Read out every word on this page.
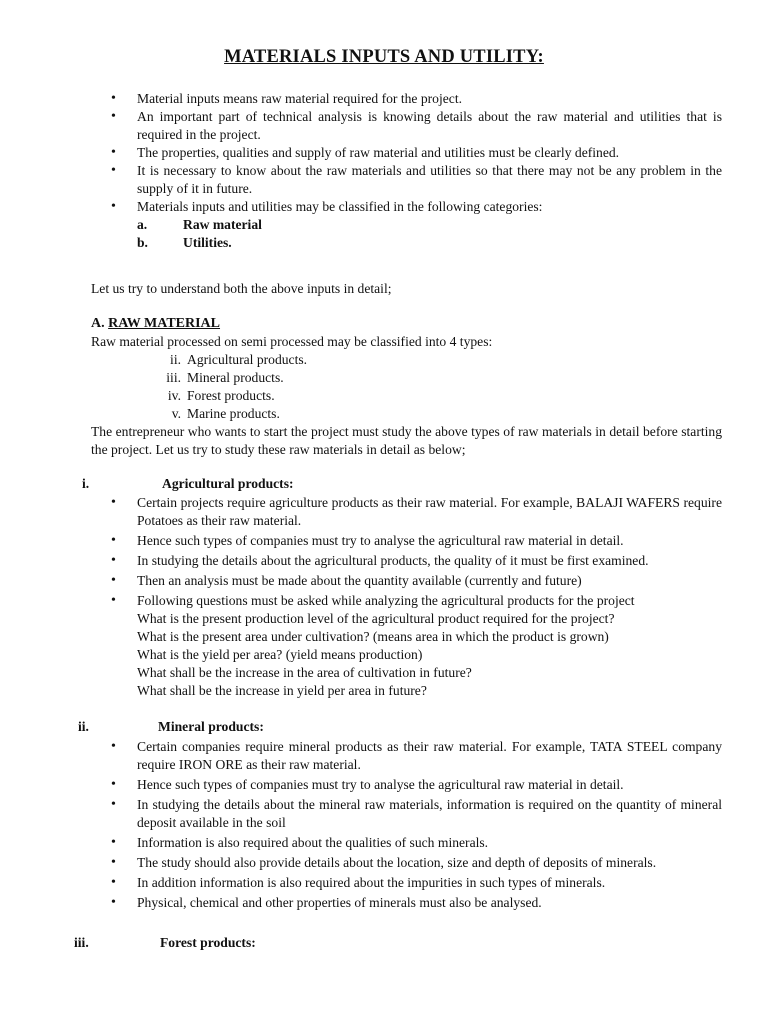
MATERIALS INPUTS AND UTILITY:
• Material inputs means raw material required for the project.
• An important part of technical analysis is knowing details about the raw material and utilities that is required in the project.
• The properties, qualities and supply of raw material and utilities must be clearly defined.
• It is necessary to know about the raw materials and utilities so that there may not be any problem in the supply of it in future.
• Materials inputs and utilities may be classified in the following categories:
a.	Raw material
b.	Utilities.
Let us try to understand both the above inputs in detail;
A. RAW MATERIAL
Raw material processed on semi processed may be classified into 4 types:
ii. Agricultural products.
iii. Mineral products.
iv. Forest products.
v. Marine products.
The entrepreneur who wants to start the project must study the above types of raw materials in detail before starting the project. Let us try to study these raw materials in detail as below;
i.	Agricultural products:
• Certain projects require agriculture products as their raw material. For example, BALAJI WAFERS require Potatoes as their raw material.
• Hence such types of companies must try to analyse the agricultural raw material in detail.
• In studying the details about the agricultural products, the quality of it must be first examined.
• Then an analysis must be made about the quantity available (currently and future)
• Following questions must be asked while analyzing the agricultural products for the project
What is the present production level of the agricultural product required for the project?
What is the present area under cultivation? (means area in which the product is grown)
What is the yield per area? (yield means production)
What shall be the increase in the area of cultivation in future?
What shall be the increase in yield per area in future?
ii.	Mineral products:
• Certain companies require mineral products as their raw material. For example, TATA STEEL company require IRON ORE as their raw material.
• Hence such types of companies must try to analyse the agricultural raw material in detail.
• In studying the details about the mineral raw materials, information is required on the quantity of mineral deposit available in the soil
• Information is also required about the qualities of such minerals.
• The study should also provide details about the location, size and depth of deposits of minerals.
• In addition information is also required about the impurities in such types of minerals.
• Physical, chemical and other properties of minerals must also be analysed.
iii.	Forest products:
